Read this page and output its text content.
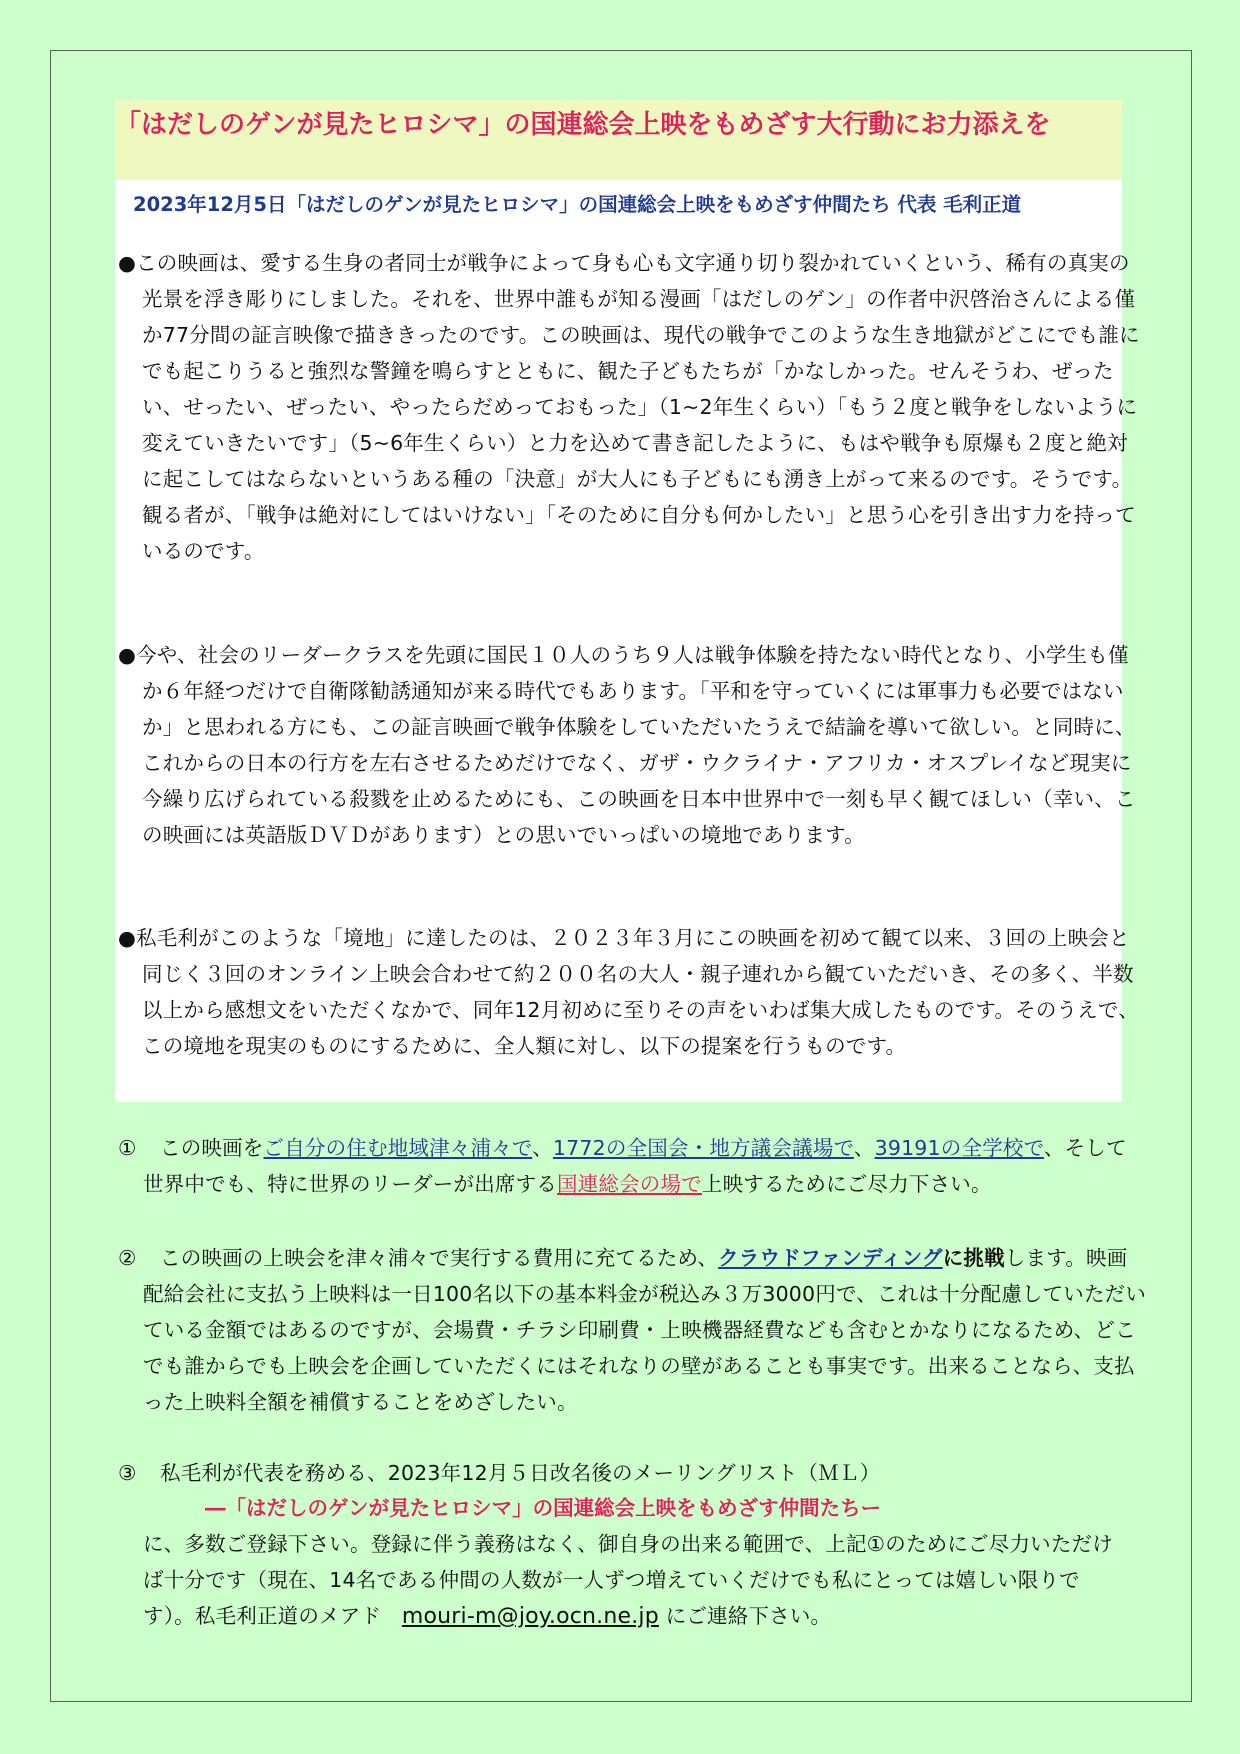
「はだしのゲンが見たヒロシマ」の国連総会上映をもめざす大行動にお力添えを

2023年12月5日「はだしのゲンが見たヒロシマ」の国連総会上映をもめざす仲間たち 代表 毛利正道

●この映画は、愛する生身の者同士が戦争によって身も心も文字通り切り裂かれていくという、稀有の真実の光景を浮き彫りにしました。それを、世界中誰もが知る漫画「はだしのゲン」の作者中沢啓治さんによる僅か77分間の証言映像で描ききったのです。この映画は、現代の戦争でこのような生き地獄がどこにでも誰にでも起こりうると強烈な警鐘を鳴らすとともに、観た子どもたちが「かなしかった。せんそうわ、ぜったい、せったい、ぜったい、やったらだめっておもった」（1~2年生くらい）「もう２度と戦争をしないように変えていきたいです」（5~6年生くらい）と力を込めて書き記したように、もはや戦争も原爆も２度と絶対に起こしてはならないというある種の「決意」が大人にも子どもにも湧き上がって来るのです。そうです。観る者が、「戦争は絶対にしてはいけない」「そのために自分も何かしたい」と思う心を引き出す力を持っているのです。

●今や、社会のリーダークラスを先頭に国民１０人のうち９人は戦争体験を持たない時代となり、小学生も僅か６年経つだけで自衛隊勧誘通知が来る時代でもあります。「平和を守っていくには軍事力も必要ではないか」と思われる方にも、この証言映画で戦争体験をしていただいたうえで結論を導いて欲しい。と同時に、これからの日本の行方を左右させるためだけでなく、ガザ・ウクライナ・アフリカ・オスプレイなど現実に今繰り広げられている殺戮を止めるためにも、この映画を日本中世界中で一刻も早く観てほしい（幸い、この映画には英語版ＤＶＤがあります）との思いでいっぱいの境地であります。

●私毛利がこのような「境地」に達したのは、２０２３年３月にこの映画を初めて観て以来、３回の上映会と同じく３回のオンライン上映会合わせて約２００名の大人・親子連れから観ていただいき、その多く、半数以上から感想文をいただくなかで、同年12月初めに至りその声をいわば集大成したものです。そのうえで、この境地を現実のものにするために、全人類に対し、以下の提案を行うものです。

① この映画をご自分の住む地域津々浦々で、1772の全国会・地方議会議場で、39191の全学校で、そして世界中でも、特に世界のリーダーが出席する国連総会の場で上映するためにご尽力下さい。

② この映画の上映会を津々浦々で実行する費用に充てるため、クラウドファンディングに挑戦します。映画配給会社に支払う上映料は一日100名以下の基本料金が税込み３万3000円で、これは十分配慮していただいている金額ではあるのですが、会場費・チラシ印刷費・上映機器経費なども含むとかなりになるため、どこでも誰からでも上映会を企画していただくにはそれなりの壁があることも事実です。出来ることなら、支払った上映料全額を補償することをめざしたい。

③ 私毛利が代表を務める、2023年12月５日改名後のメーリングリスト（ＭＬ）

―「はだしのゲンが見たヒロシマ」の国連総会上映をもめざす仲間たちー

に、多数ご登録下さい。登録に伴う義務はなく、御自身の出来る範囲で、上記①のためにご尽力いただけば十分です（現在、14名である仲間の人数が一人ずつ増えていくだけでも私にとっては嬉しい限りです）。私毛利正道のメアド　mouri-m@joy.ocn.ne.jp にご連絡下さい。
